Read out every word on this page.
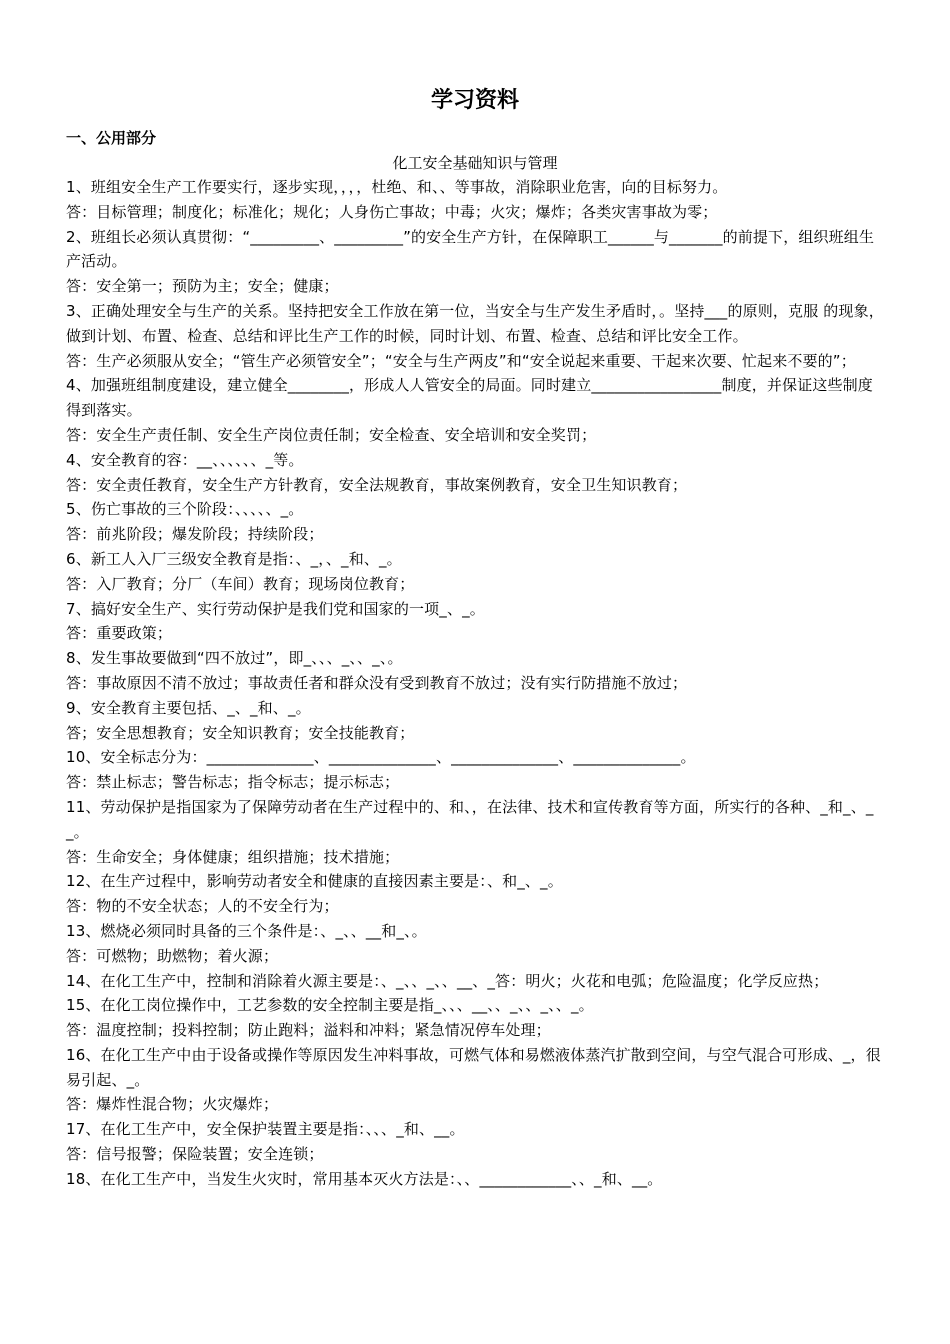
学习资料
一、公用部分
化工安全基础知识与管理

1、班组安全生产工作要实行，逐步实现，，，，杜绝、和、、等事故，消除职业危害，向的目标努力。

答：目标管理；制度化；标准化；规化；人身伤亡事故；中毒；火灾；爆炸；各类灾害事故为零；

2、班组长必须认真贯彻：“_________、_________”的安全生产方针，在保障职工______与_______的前提下，组织班组生产活动。

答：安全第一；预防为主；安全；健康；

3、正确处理安全与生产的关系。坚持把安全工作放在第一位，当安全与生产发生矛盾时，。坚持___的原则，克服 的现象，做到计划、布置、检查、总结和评比生产工作的时候，同时计划、布置、检查、总结和评比安全工作。

答：生产必须服从安全；“管生产必须管安全”；“安全与生产两皮”和“安全说起来重要、干起来次要、忙起来不要的”；

4、加强班组制度建设，建立健全________，形成人人管安全的局面。同时建立_________________制度，并保证这些制度得到落实。

答：安全生产责任制、安全生产岗位责任制；安全检查、安全培训和安全奖罚；

4、安全教育的容：__、、、、、、_等。

答：安全责任教育，安全生产方针教育，安全法规教育，事故案例教育，安全卫生知识教育；

5、伤亡事故的三个阶段：、、、、、_。

答：前兆阶段；爆发阶段；持续阶段；

6、新工人入厂三级安全教育是指：、_，、_和、_。

答：入厂教育；分厂（车间）教育；现场岗位教育；

7、搞好安全生产、实行劳动保护是我们党和国家的一项_、_。

答：重要政策；

8、发生事故要做到“四不放过”，即_、、、_、、_、。

答：事故原因不清不放过；事故责任者和群众没有受到教育不放过；没有实行防措施不放过；

9、安全教育主要包括、_、_和、_。

答；安全思想教育；安全知识教育；安全技能教育；

10、安全标志分为：______________、______________、______________、______________。

答：禁止标志；警告标志；指令标志；提示标志；

11、劳动保护是指国家为了保障劳动者在生产过程中的、和、，在法律、技术和宣传教育等方面，所实行的各种、_和_、__。

答：生命安全；身体健康；组织措施；技术措施；

12、在生产过程中，影响劳动者安全和健康的直接因素主要是：、和_、_。

答：物的不安全状态；人的不安全行为；

13、燃烧必须同时具备的三个条件是：、_、、__和_、。

答：可燃物；助燃物；着火源；

14、在化工生产中，控制和消除着火源主要是：、_、、_、、__、_答：明火；火花和电弧；危险温度；化学反应热；

15、在化工岗位操作中，工艺参数的安全控制主要是指_、、、__、、_、、_、、_。

答：温度控制；投料控制；防止跑料；溢料和冲料；紧急情况停车处理；

16、在化工生产中由于设备或操作等原因发生冲料事故，可燃气体和易燃液体蒸汽扩散到空间，与空气混合可形成、_，很易引起、_。

答：爆炸性混合物；火灾爆炸；

17、在化工生产中，安全保护装置主要是指：、、、_和、__。

答：信号报警；保险装置；安全连锁；

18、在化工生产中，当发生火灾时，常用基本灭火方法是：、、____________、、_和、__。
